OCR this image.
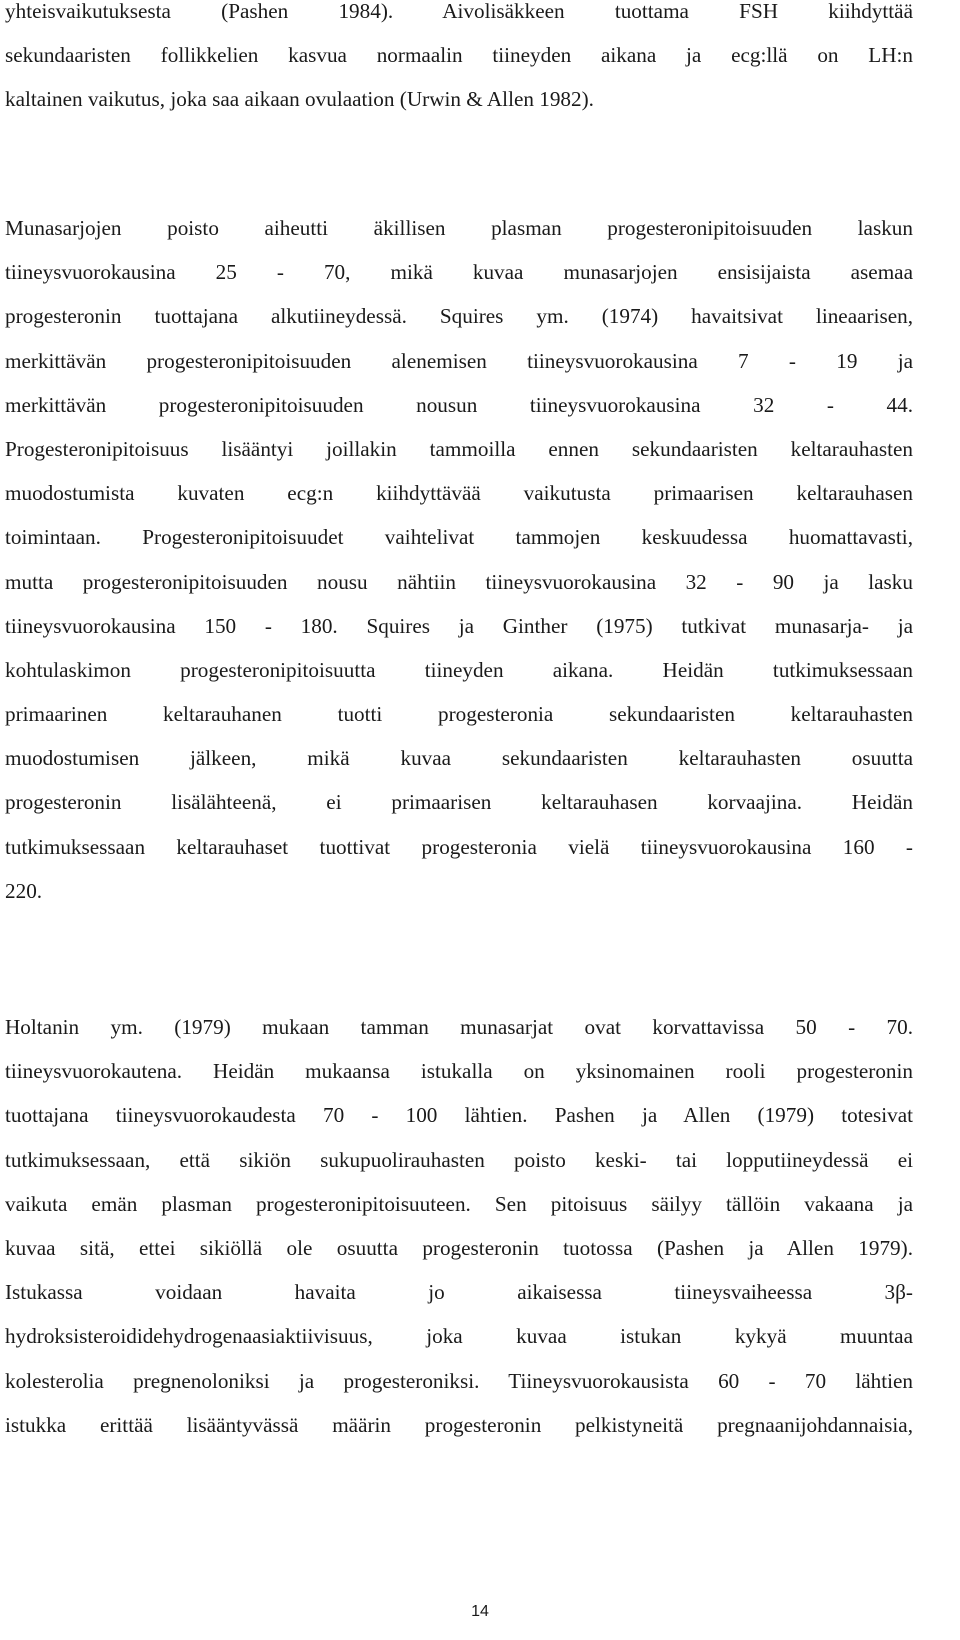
yhteisvaikutuksesta (Pashen 1984). Aivolisäkkeen tuottama FSH kiihdyttää
sekundaaristen follikkelien kasvua normaalin tiineyden aikana ja ecg:llä on LH:n
kaltainen vaikutus, joka saa aikaan ovulaation (Urwin & Allen 1982).
Munasarjojen poisto aiheutti äkillisen plasman progesteronipitoisuuden laskun
tiineysvuorokausina 25 - 70, mikä kuvaa munasarjojen ensisijaista asemaa
progesteronin tuottajana alkutiineydessä. Squires ym. (1974) havaitsivat lineaarisen,
merkittävän progesteronipitoisuuden alenemisen tiineysvuorokausina 7 - 19 ja
merkittävän progesteronipitoisuuden nousun tiineysvuorokausina 32 - 44.
Progesteronipitoisuus lisääntyi joillakin tammoilla ennen sekundaaristen keltarauhasten
muodostumista kuvaten ecg:n kiihdyttävää vaikutusta primaarisen keltarauhasen
toimintaan. Progesteronipitoisuudet vaihtelivat tammojen keskuudessa huomattavasti,
mutta progesteronipitoisuuden nousu nähtiin tiineysvuorokausina 32 - 90 ja lasku
tiineysvuorokausina 150 - 180. Squires ja Ginther (1975) tutkivat munasarja- ja
kohtulaskimon progesteronipitoisuutta tiineyden aikana. Heidän tutkimuksessaan
primaarinen keltarauhanen tuotti progesteronia sekundaaristen keltarauhasten
muodostumisen jälkeen, mikä kuvaa sekundaaristen keltarauhasten osuutta
progesteronin lisälähteenä, ei primaarisen keltarauhasen korvaajina. Heidän
tutkimuksessaan keltarauhaset tuottivat progesteronia vielä tiineysvuorokausina 160 -
220.
Holtanin ym. (1979) mukaan tamman munasarjat ovat korvattavissa 50 - 70.
tiineysvuorokautena. Heidän mukaansa istukalla on yksinomainen rooli progesteronin
tuottajana tiineysvuorokaudesta 70 - 100 lähtien. Pashen ja Allen (1979) totesivat
tutkimuksessaan, että sikiön sukupuolirauhasten poisto keski- tai lopputiineydessä ei
vaikuta emän plasman progesteronipitoisuuteen. Sen pitoisuus säilyy tällöin vakaana ja
kuvaa sitä, ettei sikiöllä ole osuutta progesteronin tuotossa (Pashen ja Allen 1979).
Istukassa voidaan havaita jo aikaisessa tiineysvaiheessa 3β-
hydroksisteroididehydrogenaasiaktiivisuus, joka kuvaa istukan kykyä muuntaa
kolesterolia pregnenoloniksi ja progesteroniksi. Tiineysvuorokausista 60 - 70 lähtien
istukka erittää lisääntyvässä määrin progesteronin pelkistyneitä pregnaanijohdannaisia,
14
